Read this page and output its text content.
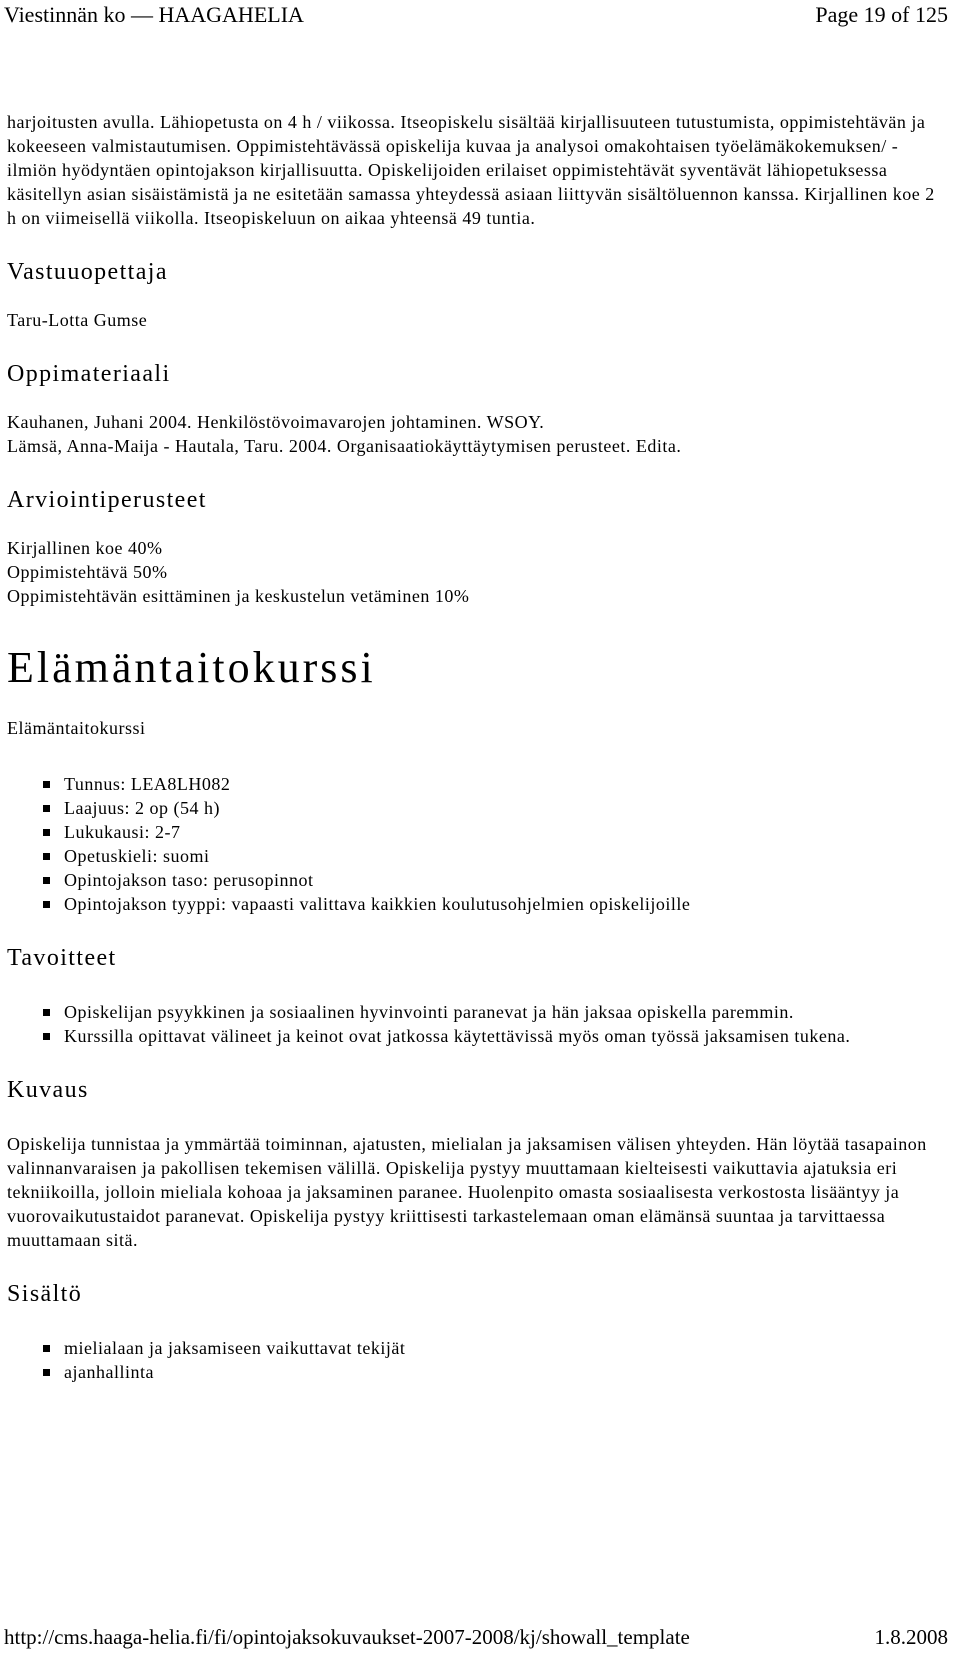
Viestinnän ko — HAAGAHELIA	Page 19 of 125

harjoitusten avulla. Lähiopetusta on 4 h / viikossa. Itseopiskelu sisältää kirjallisuuteen tutustumista, oppimistehtävän ja kokeeseen valmistautumisen. Oppimistehtävässä opiskelija kuvaa ja analysoi omakohtaisen työelämäkokemuksen/ -ilmiön hyödyntäen opintojakson kirjallisuutta. Opiskelijoiden erilaiset oppimistehtävät syventävät lähiopetuksessa käsitellyn asian sisäistämistä ja ne esitetään samassa yhteydessä asiaan liittyvän sisältöluennon kanssa. Kirjallinen koe 2 h on viimeisellä viikolla. Itseopiskeluun on aikaa yhteensä 49 tuntia.

Vastuuopettaja

Taru-Lotta Gumse

Oppimateriaali

Kauhanen, Juhani 2004. Henkilöstövoimavarojen johtaminen. WSOY.

Lämsä, Anna-Maija - Hautala, Taru. 2004. Organisaatiokäyttäytymisen perusteet. Edita.

Arviointiperusteet

Kirjallinen koe 40%

Oppimistehtävä 50%

Oppimistehtävän esittäminen ja keskustelun vetäminen 10%

Elämäntaitokurssi

Elämäntaitokurssi

Tunnus: LEA8LH082
Laajuus: 2 op (54 h)
Lukukausi: 2-7
Opetuskieli: suomi
Opintojakson taso: perusopinnot
Opintojakson tyyppi: vapaasti valittava kaikkien koulutusohjelmien opiskelijoille
Tavoitteet
Opiskelijan psyykkinen ja sosiaalinen hyvinvointi paranevat ja hän jaksaa opiskella paremmin.
Kurssilla opittavat välineet ja keinot ovat jatkossa käytettävissä myös oman työssä jaksamisen tukena.
Kuvaus

Opiskelija tunnistaa ja ymmärtää toiminnan, ajatusten, mielialan ja jaksamisen välisen yhteyden. Hän löytää tasapainon valinnanvaraisen ja pakollisen tekemisen välillä. Opiskelija pystyy muuttamaan kielteisesti vaikuttavia ajatuksia eri tekniikoilla, jolloin mieliala kohoaa ja jaksaminen paranee. Huolenpito omasta sosiaalisesta verkostosta lisääntyy ja vuorovaikutustaidot paranevat. Opiskelija pystyy kriittisesti tarkastelemaan oman elämänsä suuntaa ja tarvittaessa muuttamaan sitä.

Sisältö
mielialaan ja jaksamiseen vaikuttavat tekijät
ajanhallinta
http://cms.haaga-helia.fi/fi/opintojaksokuvaukset-2007-2008/kj/showall_template	1.8.2008
